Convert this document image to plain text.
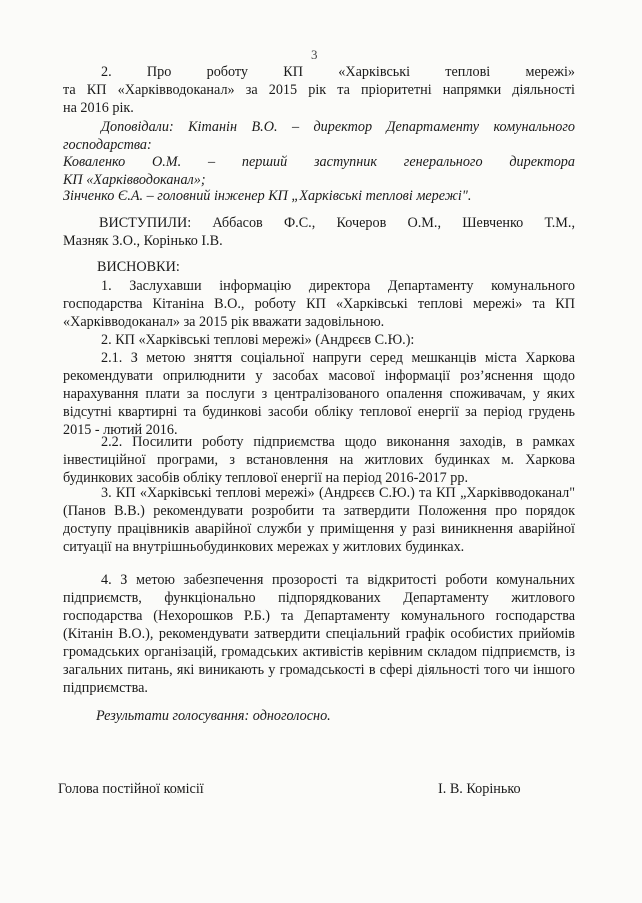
3
2. Про роботу КП «Харківські теплові мережі»
та КП «Харківводоканал» за 2015 рік та пріоритетні напрямки діяльності
на 2016 рік.
Доповідали: Кітанін В.О. – директор Департаменту комунального
господарства:
Коваленко О.М. – перший заступник генерального директора
КП «Харківводоканал»;
Зінченко Є.А. – головний інженер КП „Харківські теплові мережі".
ВИСТУПИЛИ: Аббасов Ф.С., Кочеров О.М., Шевченко Т.М.,
Мазняк З.О., Корінько І.В.
ВИСНОВКИ:

1. Заслухавши інформацію директора Департаменту комунального господарства Кітаніна В.О., роботу КП «Харківські теплові мережі» та КП «Харківводоканал» за 2015 рік вважати задовільною.

2. КП «Харківські теплові мережі» (Андрєєв С.Ю.):

2.1. З метою зняття соціальної напруги серед мешканців міста Харкова рекомендувати оприлюднити у засобах масової інформації роз’яснення щодо нарахування плати за послуги з централізованого опалення споживачам, у яких відсутні квартирні та будинкові засоби обліку теплової енергії за період грудень 2015 - лютий 2016.

2.2. Посилити роботу підприємства щодо виконання заходів, в рамках інвестиційної програми, з встановлення на житлових будинках м. Харкова будинкових засобів обліку теплової енергії на період 2016-2017 рр.

3. КП «Харківські теплові мережі» (Андрєєв С.Ю.) та КП „Харківводоканал" (Панов В.В.) рекомендувати розробити та затвердити Положення про порядок доступу працівників аварійної служби у приміщення у разі виникнення аварійної ситуації на внутрішньобудинкових мережах у житлових будинках.

4. З метою забезпечення прозорості та відкритості роботи комунальних підприємств, функціонально підпорядкованих Департаменту житлового господарства (Нехорошков Р.Б.) та Департаменту комунального господарства (Кітанін В.О.), рекомендувати затвердити спеціальний графік особистих прийомів громадських організацій, громадських активістів керівним складом підприємств, із загальних питань, які виникають у громадськості в сфері діяльності того чи іншого підприємства.

Результати голосування: одноголосно.
Голова постійної комісії	І. В. Корінько
